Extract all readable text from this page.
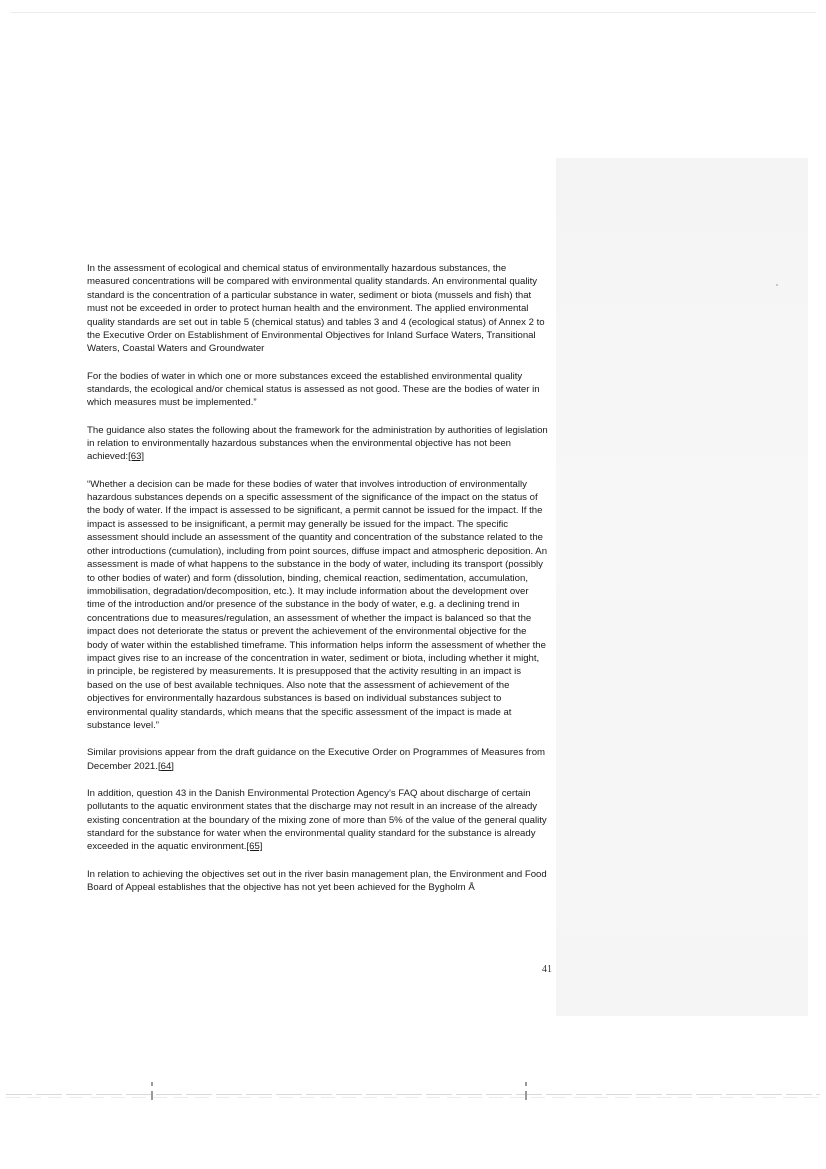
In the assessment of ecological and chemical status of environmentally hazardous substances, the measured concentrations will be compared with environmental quality standards. An environmental quality standard is the concentration of a particular substance in water, sediment or biota (mussels and fish) that must not be exceeded in order to protect human health and the environment. The applied environmental quality standards are set out in table 5 (chemical status) and tables 3 and 4 (ecological status) of Annex 2 to the Executive Order on Establishment of Environmental Objectives for Inland Surface Waters, Transitional Waters, Coastal Waters and Groundwater

For the bodies of water in which one or more substances exceed the established environmental quality standards, the ecological and/or chemical status is assessed as not good. These are the bodies of water in which measures must be implemented.”

The guidance also states the following about the framework for the administration by authorities of legislation in relation to environmentally hazardous substances when the environmental objective has not been achieved:[63]

“Whether a decision can be made for these bodies of water that involves introduction of environmentally hazardous substances depends on a specific assessment of the significance of the impact on the status of the body of water. If the impact is assessed to be significant, a permit cannot be issued for the impact. If the impact is assessed to be insignificant, a permit may generally be issued for the impact. The specific assessment should include an assessment of the quantity and concentration of the substance related to the other introductions (cumulation), including from point sources, diffuse impact and atmospheric deposition. An assessment is made of what happens to the substance in the body of water, including its transport (possibly to other bodies of water) and form (dissolution, binding, chemical reaction, sedimentation, accumulation, immobilisation, degradation/decomposition, etc.). It may include information about the development over time of the introduction and/or presence of the substance in the body of water, e.g. a declining trend in concentrations due to measures/regulation, an assessment of whether the impact is balanced so that the impact does not deteriorate the status or prevent the achievement of the environmental objective for the body of water within the established timeframe. This information helps inform the assessment of whether the impact gives rise to an increase of the concentration in water, sediment or biota, including whether it might, in principle, be registered by measurements. It is presupposed that the activity resulting in an impact is based on the use of best available techniques. Also note that the assessment of achievement of the objectives for environmentally hazardous substances is based on individual substances subject to environmental quality standards, which means that the specific assessment of the impact is made at substance level.”

Similar provisions appear from the draft guidance on the Executive Order on Programmes of Measures from December 2021.[64]

In addition, question 43 in the Danish Environmental Protection Agency’s FAQ about discharge of certain pollutants to the aquatic environment states that the discharge may not result in an increase of the already existing concentration at the boundary of the mixing zone of more than 5% of the value of the general quality standard for the substance for water when the environmental quality standard for the substance is already exceeded in the aquatic environment.[65]

In relation to achieving the objectives set out in the river basin management plan, the Environment and Food Board of Appeal establishes that the objective has not yet been achieved for the Bygholm Å

41
